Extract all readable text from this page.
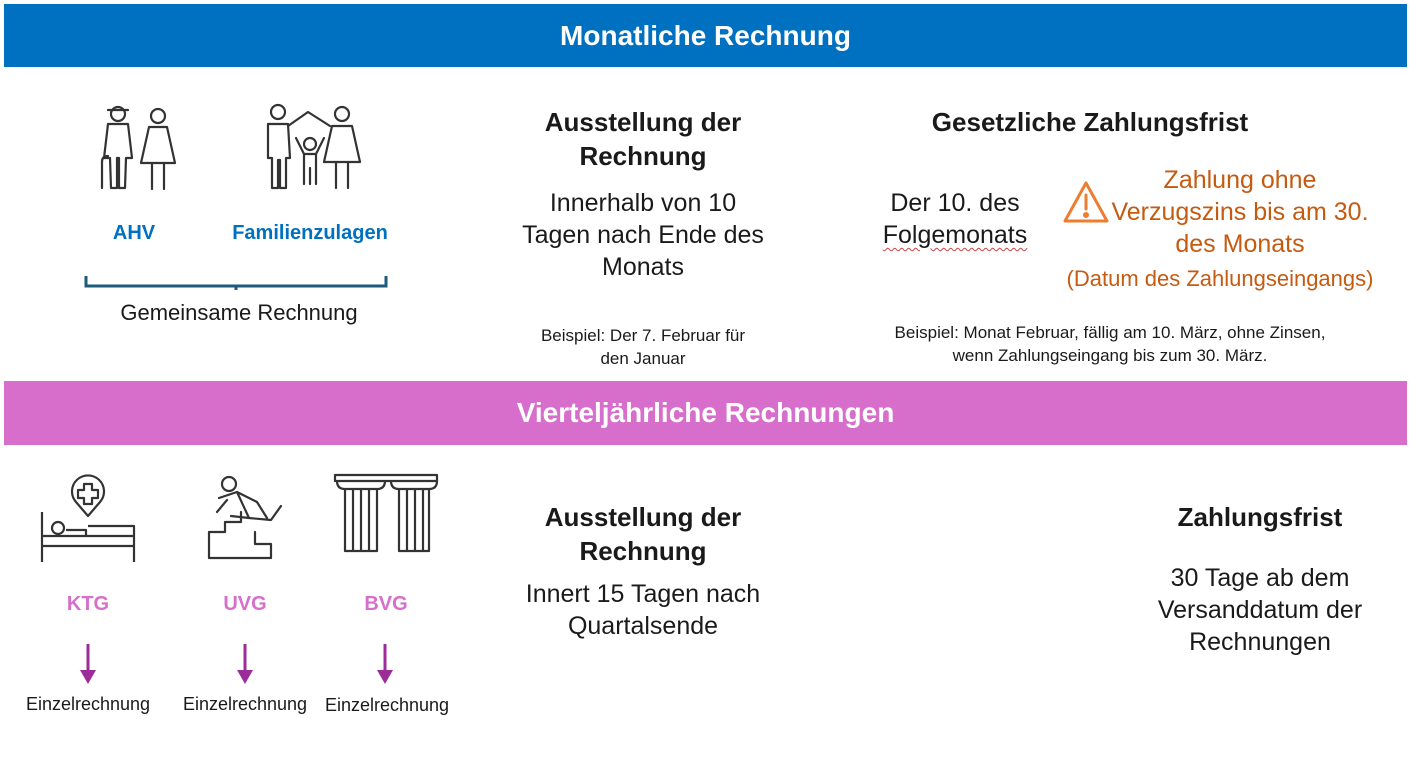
Monatliche Rechnung
AHV	Familienzulagen
Gemeinsame Rechnung
Ausstellung der Rechnung
Innerhalb von 10 Tagen nach Ende des Monats
Beispiel: Der 7. Februar für den Januar
Gesetzliche Zahlungsfrist
Der 10. des
Folgemonats
Zahlung ohne Verzugszins bis am 30. des Monats
(Datum des Zahlungseingangs)
Beispiel: Monat Februar, fällig am 10. März, ohne Zinsen,
wenn Zahlungseingang bis zum 30. März.
Vierteljährliche Rechnungen
KTG	UVG	BVG
Einzelrechnung	Einzelrechnung Einzelrechnung
Ausstellung der Rechnung
Innert 15 Tagen nach Quartalsende
Zahlungsfrist
30 Tage ab dem Versanddatum der Rechnungen
